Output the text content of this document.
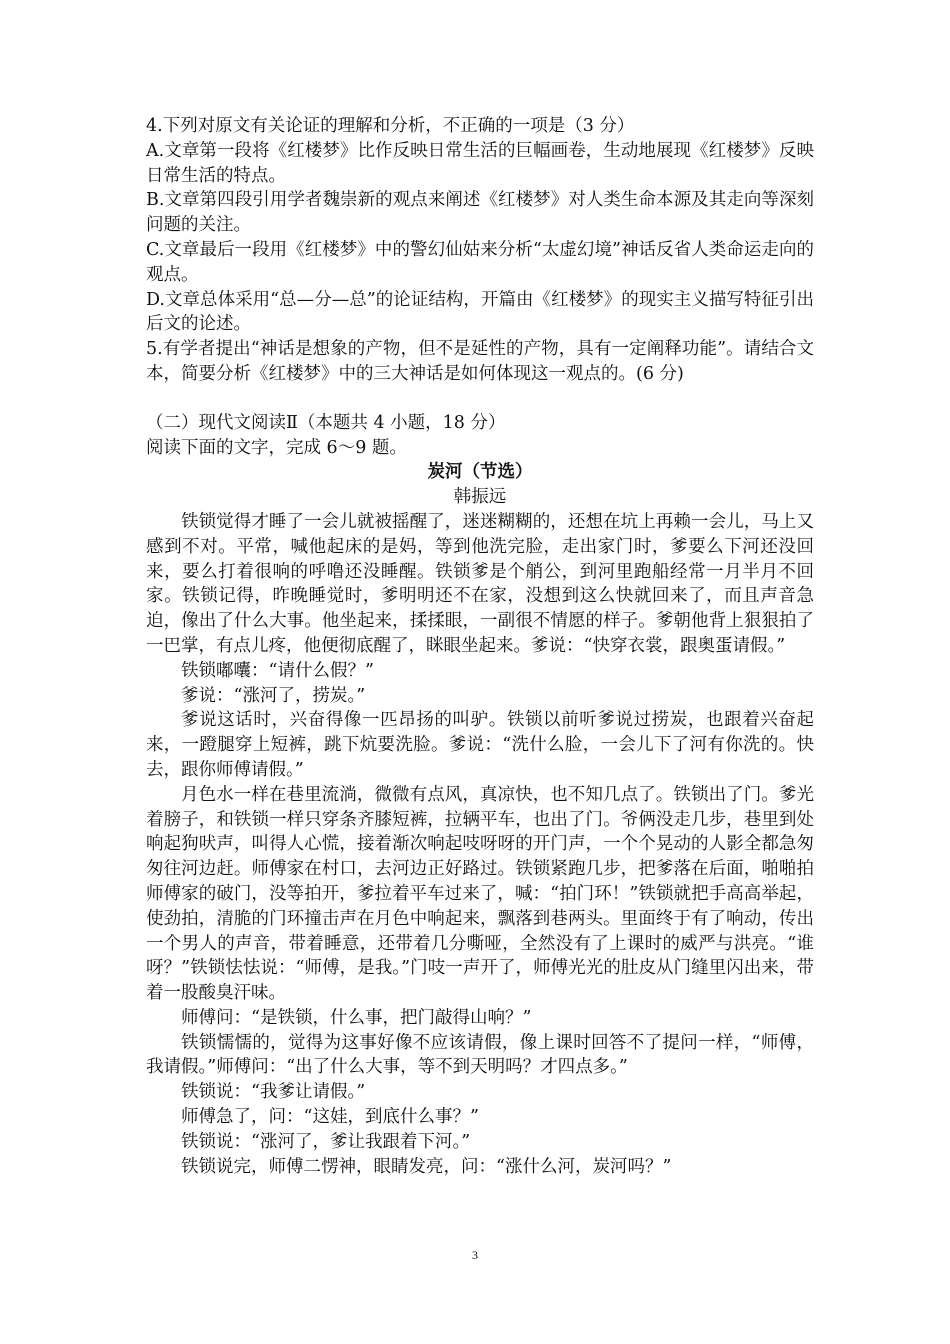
4.下列对原文有关论证的理解和分析，不正确的一项是（3 分）

A.文章第一段将《红楼梦》比作反映日常生活的巨幅画卷，生动地展现《红楼梦》反映日常生活的特点。

B.文章第四段引用学者魏崇新的观点来阐述《红楼梦》对人类生命本源及其走向等深刻问题的关注。

C.文章最后一段用《红楼梦》中的警幻仙姑来分析“太虚幻境”神话反省人类命运走向的观点。

D.文章总体采用“总—分—总”的论证结构，开篇由《红楼梦》的现实主义描写特征引出后文的论述。

5.有学者提出“神话是想象的产物，但不是延性的产物，具有一定阐释功能”。请结合文本，简要分析《红楼梦》中的三大神话是如何体现这一观点的。(6 分)

（二）现代文阅读Ⅱ（本题共 4 小题，18 分）

阅读下面的文字，完成 6～9 题。

炭河（节选）

韩振远

铁锁觉得才睡了一会儿就被摇醒了，迷迷糊糊的，还想在坑上再赖一会儿，马上又感到不对。平常，喊他起床的是妈，等到他洗完脸，走出家门时，爹要么下河还没回来，要么打着很响的呼噜还没睡醒。铁锁爹是个艄公，到河里跑船经常一月半月不回家。铁锁记得，昨晚睡觉时，爹明明还不在家，没想到这么快就回来了，而且声音急迫，像出了什么大事。他坐起来，揉揉眼，一副很不情愿的样子。爹朝他背上狠狠拍了一巴掌，有点儿疼，他便彻底醒了，眯眼坐起来。爹说：“快穿衣裳，跟奥蛋请假。”

铁锁嘟囔：“请什么假？”

爹说：“涨河了，捞炭。”

爹说这话时，兴奋得像一匹昂扬的叫驴。铁锁以前听爹说过捞炭，也跟着兴奋起来，一蹬腿穿上短裤，跳下炕要洗脸。爹说：“洗什么脸，一会儿下了河有你洗的。快去，跟你师傅请假。”

月色水一样在巷里流淌，微微有点风，真凉快，也不知几点了。铁锁出了门。爹光着膀子，和铁锁一样只穿条齐膝短裤，拉辆平车，也出了门。爷俩没走几步，巷里到处响起狗吠声，叫得人心慌，接着渐次响起吱呀呀的开门声，一个个晃动的人影全都急匆匆往河边赶。师傅家在村口，去河边正好路过。铁锁紧跑几步，把爹落在后面，啪啪拍师傅家的破门，没等拍开，爹拉着平车过来了，喊：“拍门环！”铁锁就把手高高举起，使劲拍，清脆的门环撞击声在月色中响起来，飘落到巷两头。里面终于有了响动，传出一个男人的声音，带着睡意，还带着几分嘶哑，全然没有了上课时的威严与洪亮。“谁呀？”铁锁怯怯说：“师傅，是我。”门吱一声开了，师傅光光的肚皮从门缝里闪出来，带着一股酸臭汗味。

师傅问：“是铁锁，什么事，把门敲得山响？”

铁锁懦懦的，觉得为这事好像不应该请假，像上课时回答不了提问一样，“师傅，我请假。”师傅问：“出了什么大事，等不到天明吗？才四点多。”

铁锁说：“我爹让请假。”

师傅急了，问：“这娃，到底什么事？”

铁锁说：“涨河了，爹让我跟着下河。”

铁锁说完，师傅二愣神，眼睛发亮，问：“涨什么河，炭河吗？”

3
